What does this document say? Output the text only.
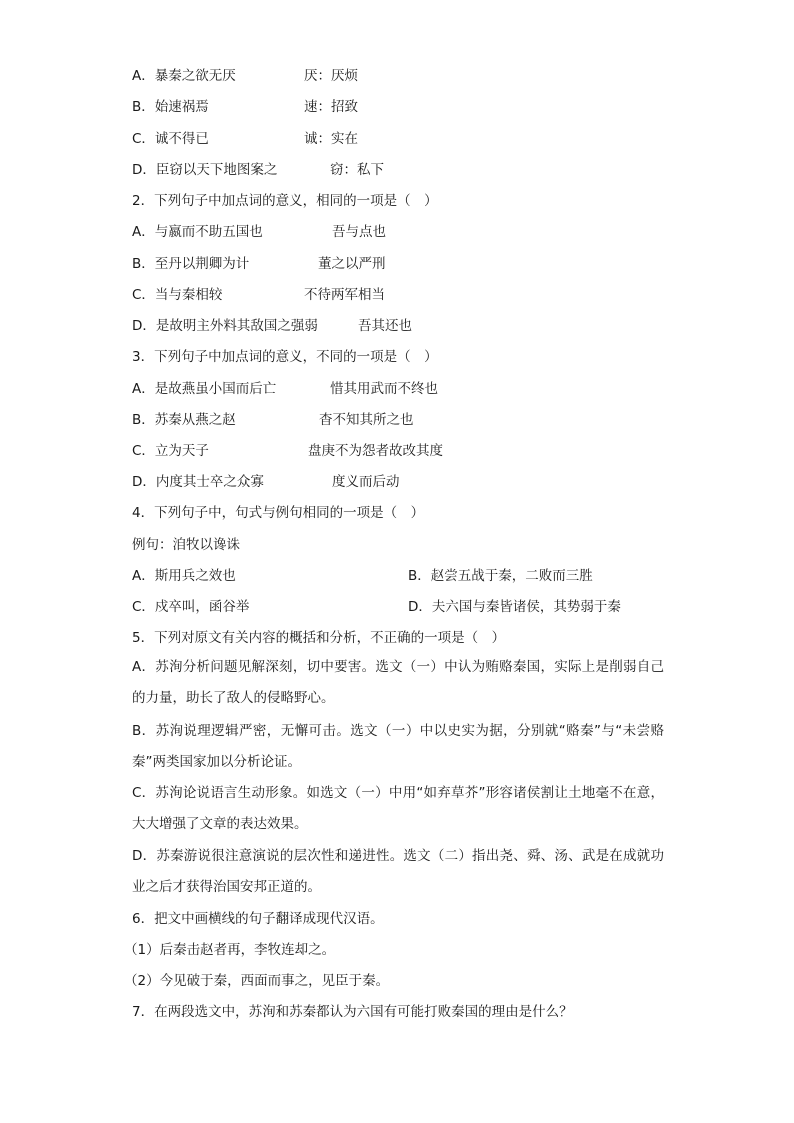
A．暴秦之欲无厌	厌：厌烦
B．始速祸焉	速：招致
C．诚不得已	诚：实在
D．臣窃以天下地图案之	窃：私下
2．下列句子中加点词的意义，相同的一项是（　）
A．与嬴而不助五国也	吾与点也
B．至丹以荆卿为计	董之以严刑
C．当与秦相较	不待两军相当
D．是故明主外料其敌国之强弱	吾其还也
3．下列句子中加点词的意义，不同的一项是（　）
A．是故燕虽小国而后亡	惜其用武而不终也
B．苏秦从燕之赵	杳不知其所之也
C．立为天子	盘庚不为怨者故改其度
D．内度其士卒之众寡	度义而后动
4．下列句子中，句式与例句相同的一项是（　）
例句：洎牧以谗诛
A．斯用兵之效也	B．赵尝五战于秦，二败而三胜
C．戍卒叫，函谷举	D．夫六国与秦皆诸侯，其势弱于秦
5．下列对原文有关内容的概括和分析，不正确的一项是（　）
A．苏洵分析问题见解深刻，切中要害。选文（一）中认为贿赂秦国，实际上是削弱自己的力量，助长了敌人的侵略野心。
B．苏洵说理逻辑严密，无懈可击。选文（一）中以史实为据，分别就“赂秦”与“未尝赂秦”两类国家加以分析论证。
C．苏洵论说语言生动形象。如选文（一）中用“如弃草芥”形容诸侯割让土地毫不在意，大大增强了文章的表达效果。
D．苏秦游说很注意演说的层次性和递进性。选文（二）指出尧、舜、汤、武是在成就功业之后才获得治国安邦正道的。
6．把文中画横线的句子翻译成现代汉语。
（1）后秦击赵者再，李牧连却之。
（2）今见破于秦，西面而事之，见臣于秦。
7．在两段选文中，苏洵和苏秦都认为六国有可能打败秦国的理由是什么？
